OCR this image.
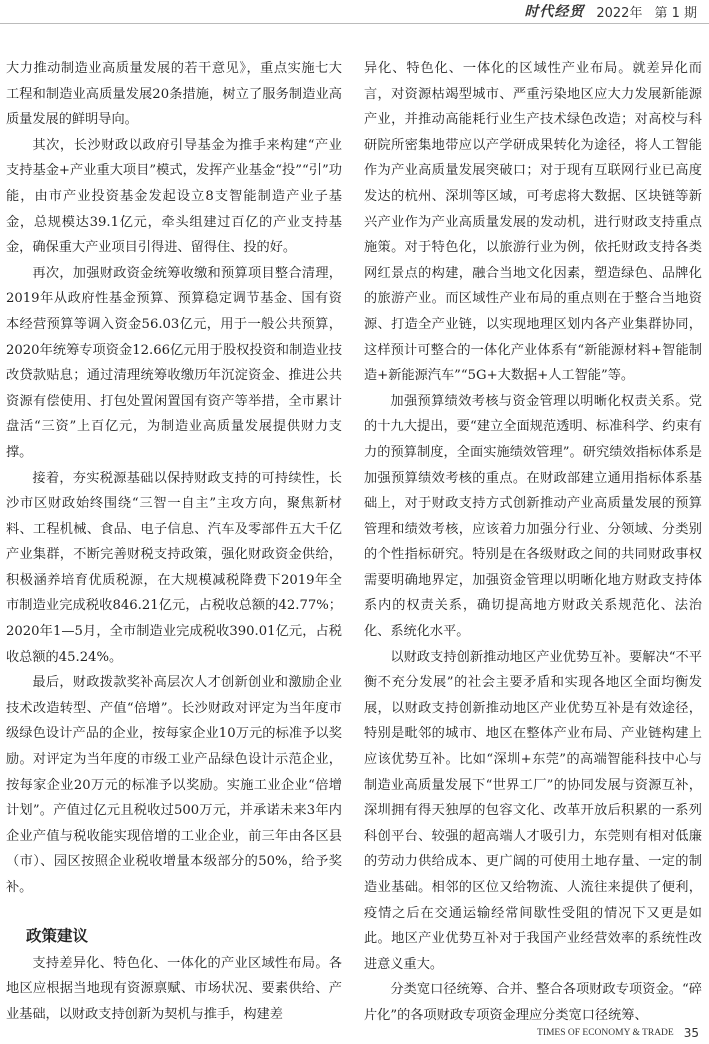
时代经贸 2022年 第 1 期

大力推动制造业高质量发展的若干意见》，重点实施七大工程和制造业高质量发展20条措施，树立了服务制造业高质量发展的鲜明导向。

其次，长沙财政以政府引导基金为推手来构建“产业支持基金+产业重大项目”模式，发挥产业基金“投”“引”功能，由市产业投资基金发起设立8支智能制造产业子基金，总规模达39.1亿元，牵头组建过百亿的产业支持基金，确保重大产业项目引得进、留得住、投的好。

再次，加强财政资金统筹收缴和预算项目整合清理，2019年从政府性基金预算、预算稳定调节基金、国有资本经营预算等调入资金56.03亿元，用于一般公共预算，2020年统筹专项资金12.66亿元用于股权投资和制造业技改贷款贴息；通过清理统筹收缴历年沉淀资金、推进公共资源有偿使用、打包处置闲置国有资产等举措，全市累计盘活“三资”上百亿元，为制造业高质量发展提供财力支撑。

接着，夯实税源基础以保持财政支持的可持续性，长沙市区财政始终围绕“三智一自主”主攻方向，聚焦新材料、工程机械、食品、电子信息、汽车及零部件五大千亿产业集群，不断完善财税支持政策，强化财政资金供给，积极涵养培育优质税源，在大规模减税降费下2019年全市制造业完成税收846.21亿元，占税收总额的42.77%；2020年1—5月，全市制造业完成税收390.01亿元，占税收总额的45.24%。

最后，财政拨款奖补高层次人才创新创业和激励企业技术改造转型、产值“倍增”。长沙财政对评定为当年度市级绿色设计产品的企业，按每家企业10万元的标准予以奖励。对评定为当年度的市级工业产品绿色设计示范企业，按每家企业20万元的标准予以奖励。实施工业企业“倍增计划”。产值过亿元且税收过500万元，并承诺未来3年内企业产值与税收能实现倍增的工业企业，前三年由各区县（市）、园区按照企业税收增量本级部分的50%，给予奖补。

政策建议

支持差异化、特色化、一体化的产业区域性布局。各地区应根据当地现有资源禀赋、市场状况、要素供给、产业基础，以财政支持创新为契机与推手，构建差

异化、特色化、一体化的区域性产业布局。就差异化而言，对资源枯竭型城市、严重污染地区应大力发展新能源产业，并推动高能耗行业生产技术绿色改造；对高校与科研院所密集地带应以产学研成果转化为途径，将人工智能作为产业高质量发展突破口；对于现有互联网行业已高度发达的杭州、深圳等区域，可考虑将大数据、区块链等新兴产业作为产业高质量发展的发动机，进行财政支持重点施策。对于特色化，以旅游行业为例，依托财政支持各类网红景点的构建，融合当地文化因素，塑造绿色、品牌化的旅游产业。而区域性产业布局的重点则在于整合当地资源、打造全产业链，以实现地理区划内各产业集群协同，这样预计可整合的一体化产业体系有“新能源材料+智能制造+新能源汽车”“5G+大数据+人工智能”等。

加强预算绩效考核与资金管理以明晰化权责关系。党的十九大提出，要“建立全面规范透明、标准科学、约束有力的预算制度，全面实施绩效管理”。研究绩效指标体系是加强预算绩效考核的重点。在财政部建立通用指标体系基础上，对于财政支持方式创新推动产业高质量发展的预算管理和绩效考核，应该着力加强分行业、分领域、分类别的个性指标研究。特别是在各级财政之间的共同财政事权需要明确地界定，加强资金管理以明晰化地方财政支持体系内的权责关系，确切提高地方财政关系规范化、法治化、系统化水平。

以财政支持创新推动地区产业优势互补。要解决“不平衡不充分发展”的社会主要矛盾和实现各地区全面均衡发展，以财政支持创新推动地区产业优势互补是有效途径，特别是毗邻的城市、地区在整体产业布局、产业链构建上应该优势互补。比如“深圳+东莞”的高端智能科技中心与制造业高质量发展下“世界工厂”的协同发展与资源互补，深圳拥有得天独厚的包容文化、改革开放后积累的一系列科创平台、较强的超高端人才吸引力，东莞则有相对低廉的劳动力供给成本、更广阔的可使用土地存量、一定的制造业基础。相邻的区位又给物流、人流往来提供了便利，疫情之后在交通运输经常间歇性受阻的情况下又更是如此。地区产业优势互补对于我国产业经营效率的系统性改进意义重大。

分类宽口径统筹、合并、整合各项财政专项资金。“碎片化”的各项财政专项资金理应分类宽口径统筹、

TIMES OF ECONOMY & TRADE 35
